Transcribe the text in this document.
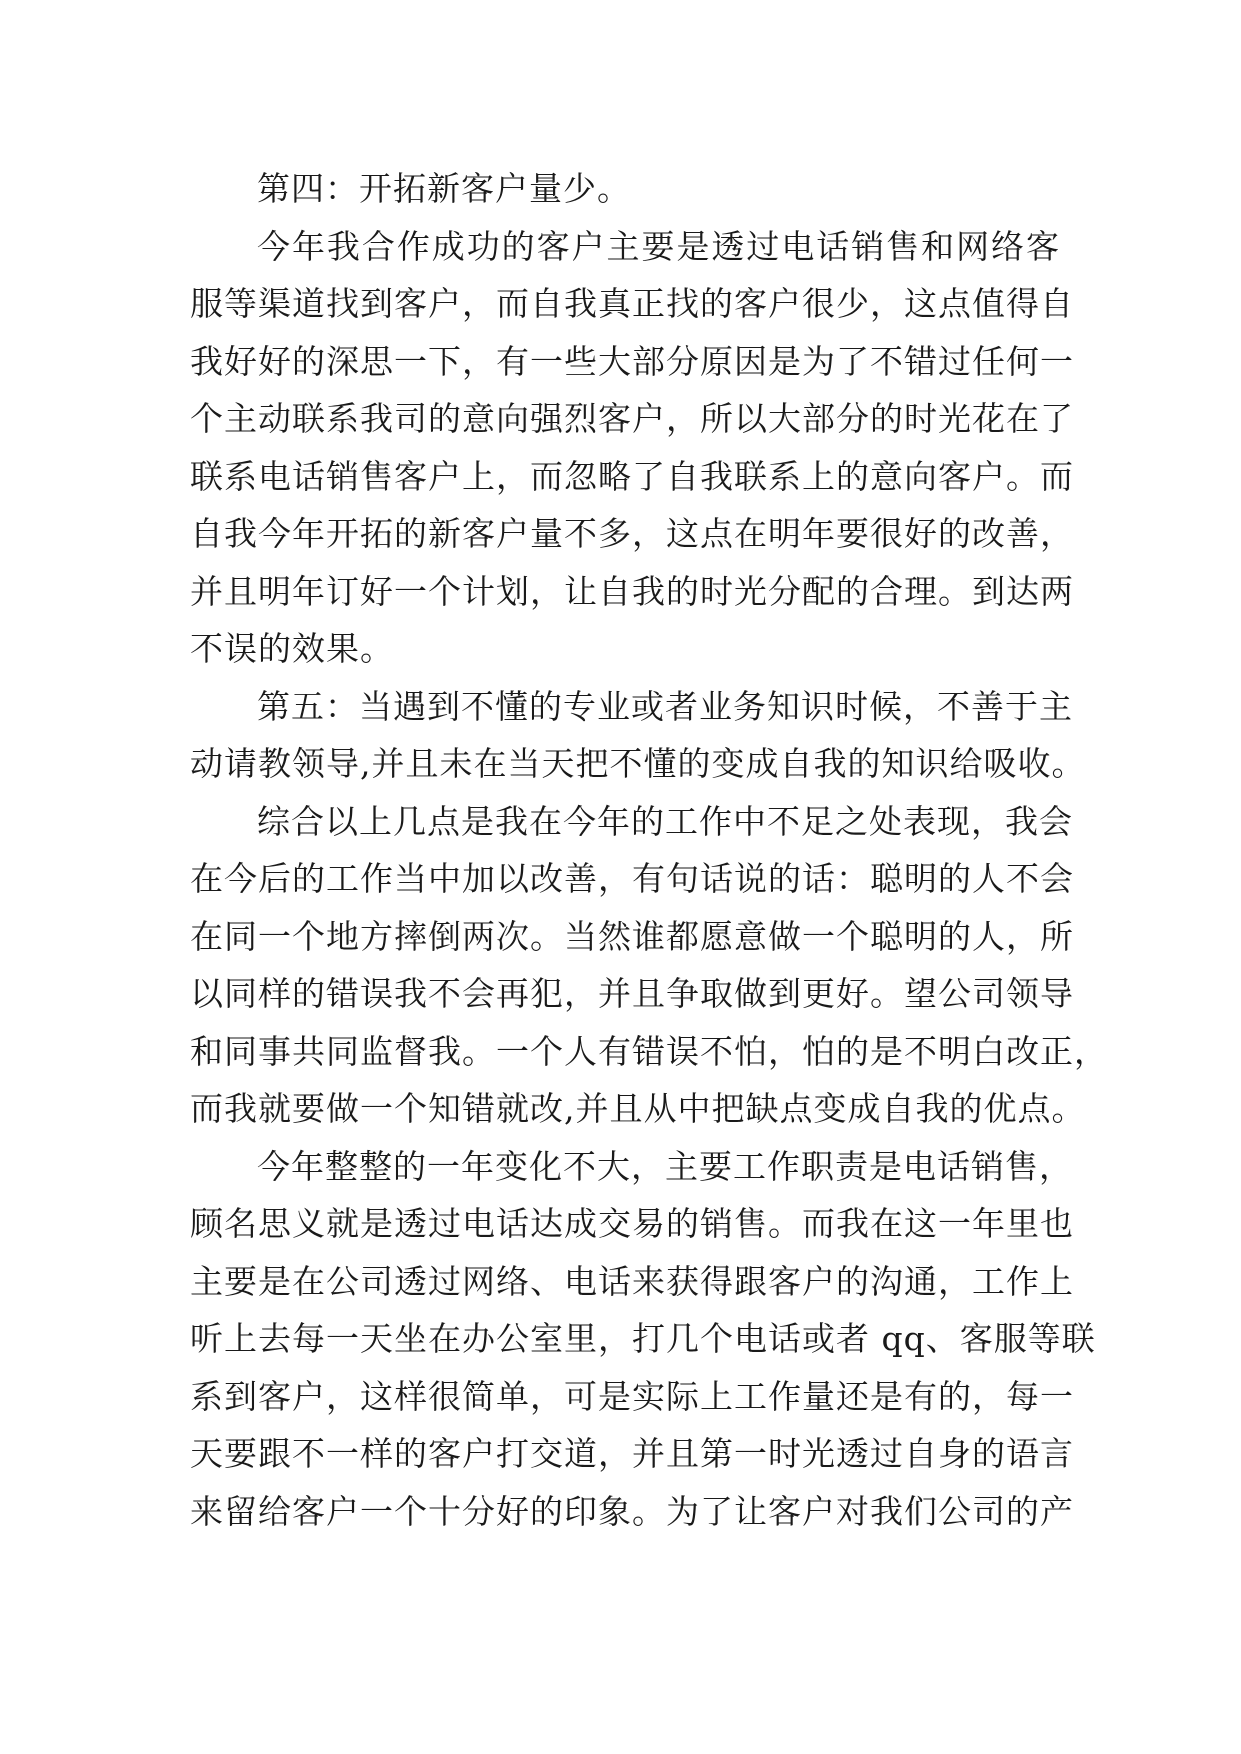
第四：开拓新客户量少。
今年我合作成功的客户主要是透过电话销售和网络客
服等渠道找到客户，而自我真正找的客户很少，这点值得自
我好好的深思一下，有一些大部分原因是为了不错过任何一
个主动联系我司的意向强烈客户，所以大部分的时光花在了
联系电话销售客户上，而忽略了自我联系上的意向客户。而
自我今年开拓的新客户量不多，这点在明年要很好的改善，
并且明年订好一个计划，让自我的时光分配的合理。到达两
不误的效果。
第五：当遇到不懂的专业或者业务知识时候，不善于主
动请教领导,并且未在当天把不懂的变成自我的知识给吸收。
综合以上几点是我在今年的工作中不足之处表现，我会
在今后的工作当中加以改善，有句话说的话：聪明的人不会
在同一个地方摔倒两次。当然谁都愿意做一个聪明的人，所
以同样的错误我不会再犯，并且争取做到更好。望公司领导
和同事共同监督我。一个人有错误不怕，怕的是不明白改正，
而我就要做一个知错就改,并且从中把缺点变成自我的优点。
今年整整的一年变化不大，主要工作职责是电话销售，
顾名思义就是透过电话达成交易的销售。而我在这一年里也
主要是在公司透过网络、电话来获得跟客户的沟通，工作上
听上去每一天坐在办公室里，打几个电话或者 qq、客服等联
系到客户，这样很简单，可是实际上工作量还是有的，每一
天要跟不一样的客户打交道，并且第一时光透过自身的语言
来留给客户一个十分好的印象。为了让客户对我们公司的产
